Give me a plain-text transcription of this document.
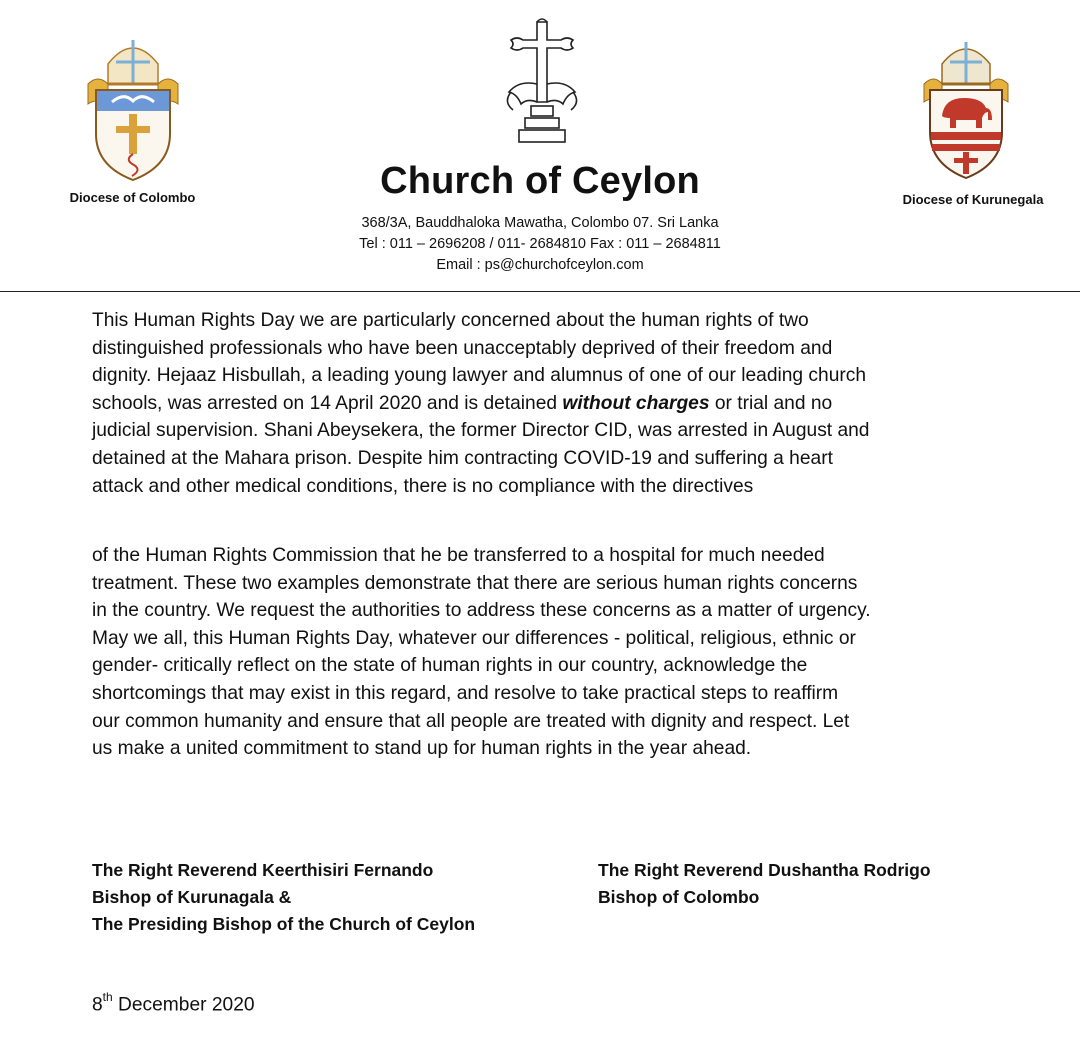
Diocese of Colombo	Diocese of Kurunegala
Church of Ceylon
368/3A, Bauddhaloka Mawatha, Colombo 07. Sri Lanka
Tel : 011 – 2696208 / 011- 2684810 Fax : 011 – 2684811
Email : ps@churchofceylon.com
This Human Rights Day we are particularly concerned about the human rights of two
distinguished professionals who have been unacceptably deprived of their freedom and
dignity. Hejaaz Hisbullah, a leading young lawyer and alumnus of one of our leading church
schools, was arrested on 14 April 2020 and is detained without charges or trial and no
judicial supervision. Shani Abeysekera, the former Director CID, was arrested in August and
detained at the Mahara prison. Despite him contracting COVID-19 and suffering a heart
attack and other medical conditions, there is no compliance with the directives
of the Human Rights Commission that he be transferred to a hospital for much needed
treatment. These two examples demonstrate that there are serious human rights concerns
in the country. We request the authorities to address these concerns as a matter of urgency.
May we all, this Human Rights Day, whatever our differences - political, religious, ethnic or
gender- critically reflect on the state of human rights in our country, acknowledge the
shortcomings that may exist in this regard, and resolve to take practical steps to reaffirm
our common humanity and ensure that all people are treated with dignity and respect. Let
us make a united commitment to stand up for human rights in the year ahead.
The Right Reverend Keerthisiri Fernando
Bishop of Kurunagala &
The Presiding Bishop of the Church of Ceylon
The Right Reverend Dushantha Rodrigo
Bishop of Colombo
8th December 2020
